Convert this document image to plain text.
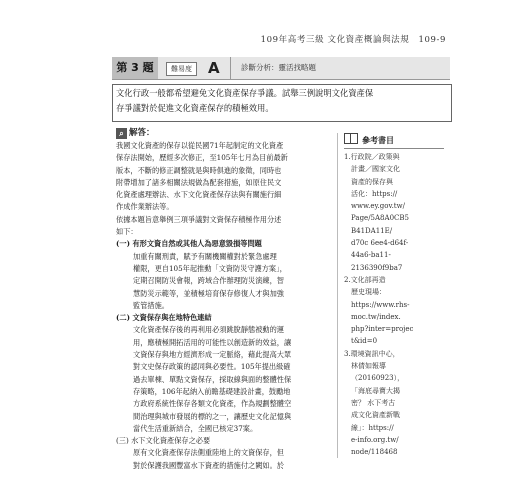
109年高考三級 文化資產概論與法規　109-9
第 3 題	難易度	A	診斷分析：靈活找略題
文化行政一般都希望避免文化資產保存爭議。試舉三例說明文化資產保
存爭議對於促進文化資產保存的積極效用。
⌕ 解答：
我國文化資產的保存以從民國71年起制定的文化資產
保存法開始，歷經多次修正，至105年七月為目前最新
版本，不斷的修正調整就是與時俱進的象徵，同時也
附帶增加了諸多相關法規做為配套措施，如原住民文
化資產處理辦法、水下文化資產保存法與有關施行細
作成作業辦法等。
依據本題旨意舉例三項爭議對文資保存積極作用分述
如下：
(一) 有形文資自然或其他人為惡意毀損等問題
加重有關刑責，賦予有關機關權對於緊急處理
權限，更自105年起推動「文資防災守護方案」，
定期召開防災會報，跨域合作辦理防災演練，智
慧防災示範等，並積極培育保存修復人才與加強
監管措施。
(二) 文資保存與在地特色連結
文化資產保存後的再利用必須跳脫靜態被動的運
用，應積極開拓活用的可能性以創造新的效益，讓
文資保存與地方經濟形成一定脈絡，藉此提高大眾
對文史保存政策的認同與必要性。105年提出級確
過去單棟、單點文資保存，採取線與面的整體性保
存策略，106年起納入前瞻基礎建設計畫，鼓勵地
方政府系統性保存各類文化資產，作為規劃整體空
間治理與城市發展的標的之一，讓歷史文化記憶與
當代生活重新結合，全國已核定37案。
(三) 水下文化資產保存之必要
原有文化資產保存法側重陸地上的文資保存，但
對於保護我國豐富水下資產的措施付之闕如。於
參考書目
1.行政院／政策與
計畫／國家文化
資產的保存與
活化：https://
www.ey.gov.tw/
Page/5A8A0CB5
B41DA11E/
d70c 6ee4-d64f-
44a6-ba11-
2136390f9ba7
2.文化部再造
歷史現場：
https://www.rhs-
moc.tw/index.
php?inter=projec
t&id=0
3.環境資訊中心，
林倩如報導
（20160923），
「海底尋寶大揭
密？ 水下考古
成文化資產新戰
線」：https://
e-info.org.tw/
node/118468
